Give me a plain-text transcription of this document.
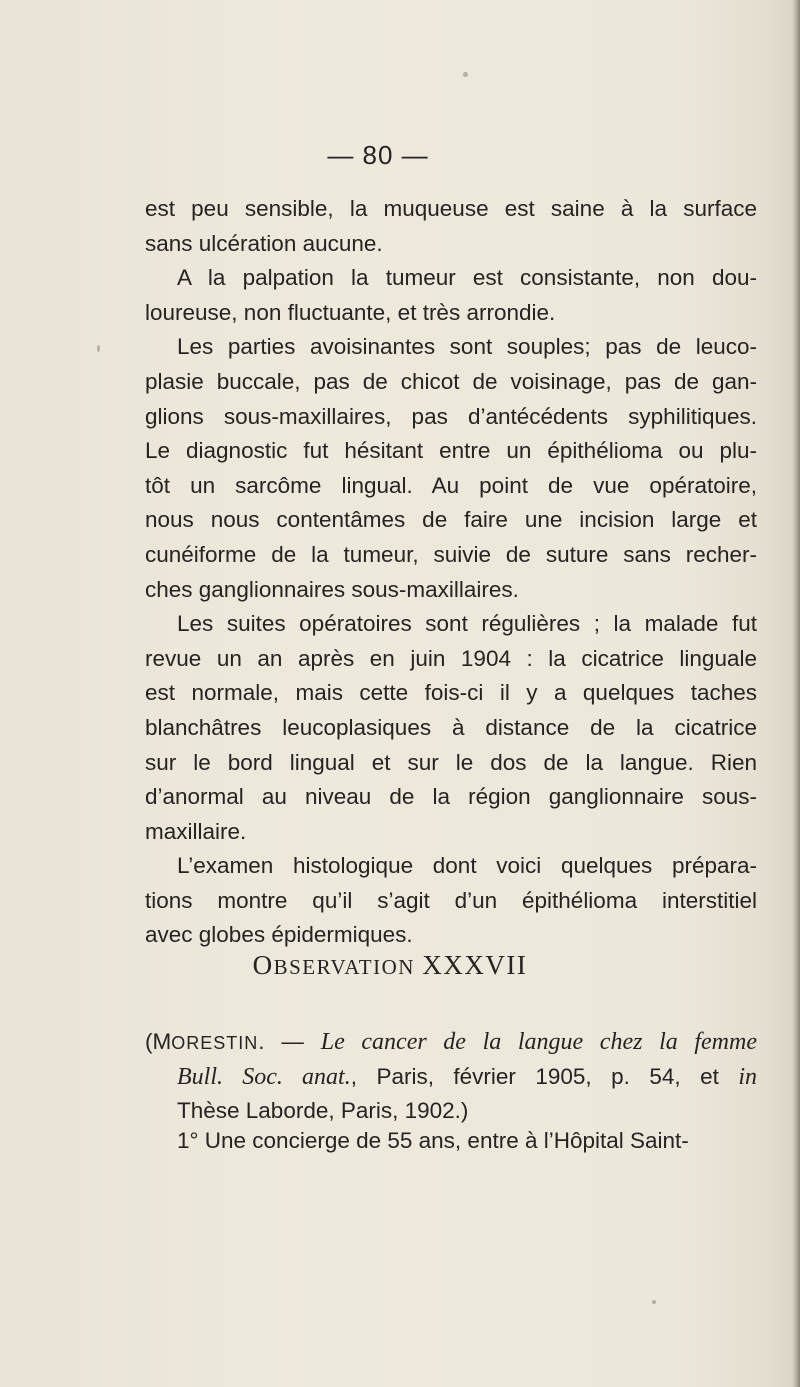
— 80 —
est peu sensible, la muqueuse est saine à la surface
sans ulcération aucune.
A la palpation la tumeur est consistante, non dou-
loureuse, non fluctuante, et très arrondie.
Les parties avoisinantes sont souples; pas de leuco-
plasie buccale, pas de chicot de voisinage, pas de gan-
glions sous-maxillaires, pas d’antécédents syphilitiques.
Le diagnostic fut hésitant entre un épithélioma ou plu-
tôt un sarcôme lingual. Au point de vue opératoire,
nous nous contentâmes de faire une incision large et
cunéiforme de la tumeur, suivie de suture sans recher-
ches ganglionnaires sous-maxillaires.
Les suites opératoires sont régulières ; la malade fut
revue un an après en juin 1904 : la cicatrice linguale
est normale, mais cette fois-ci il y a quelques taches
blanchâtres leucoplasiques à distance de la cicatrice
sur le bord lingual et sur le dos de la langue. Rien
d’anormal au niveau de la région ganglionnaire sous-
maxillaire.
L’examen histologique dont voici quelques prépara-
tions montre qu’il s’agit d’un épithélioma interstitiel
avec globes épidermiques.
OBSERVATION XXXVII
(MORESTIN. — Le cancer de la langue chez la femme
Bull. Soc. anat., Paris, février 1905, p. 54, et in
Thèse Laborde, Paris, 1902.)
1° Une concierge de 55 ans, entre à l’Hôpital Saint-
